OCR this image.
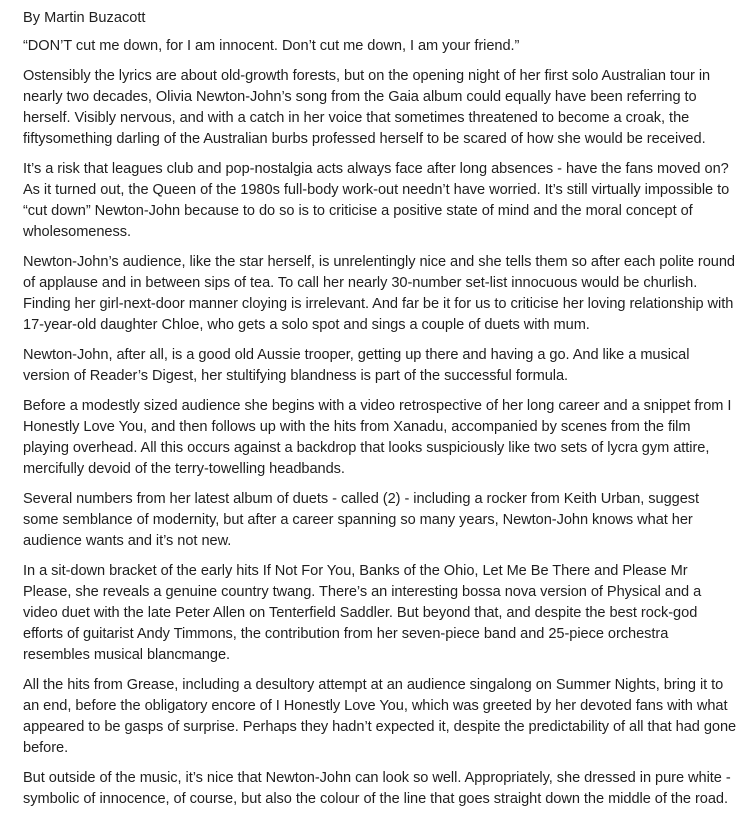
By Martin Buzacott

“DON’T cut me down, for I am innocent. Don’t cut me down, I am your friend.”

Ostensibly the lyrics are about old-growth forests, but on the opening night of her first solo Australian tour in nearly two decades, Olivia Newton-John’s song from the Gaia album could equally have been referring to herself. Visibly nervous, and with a catch in her voice that sometimes threatened to become a croak, the fiftysomething darling of the Australian burbs professed herself to be scared of how she would be received.

It’s a risk that leagues club and pop-nostalgia acts always face after long absences - have the fans moved on? As it turned out, the Queen of the 1980s full-body work-out needn’t have worried. It’s still virtually impossible to “cut down” Newton-John because to do so is to criticise a positive state of mind and the moral concept of wholesomeness.

Newton-John’s audience, like the star herself, is unrelentingly nice and she tells them so after each polite round of applause and in between sips of tea. To call her nearly 30-number set-list innocuous would be churlish. Finding her girl-next-door manner cloying is irrelevant. And far be it for us to criticise her loving relationship with 17-year-old daughter Chloe, who gets a solo spot and sings a couple of duets with mum.

Newton-John, after all, is a good old Aussie trooper, getting up there and having a go. And like a musical version of Reader’s Digest, her stultifying blandness is part of the successful formula.

Before a modestly sized audience she begins with a video retrospective of her long career and a snippet from I Honestly Love You, and then follows up with the hits from Xanadu, accompanied by scenes from the film playing overhead. All this occurs against a backdrop that looks suspiciously like two sets of lycra gym attire, mercifully devoid of the terry-towelling headbands.

Several numbers from her latest album of duets - called (2) - including a rocker from Keith Urban, suggest some semblance of modernity, but after a career spanning so many years, Newton-John knows what her audience wants and it’s not new.

In a sit-down bracket of the early hits If Not For You, Banks of the Ohio, Let Me Be There and Please Mr Please, she reveals a genuine country twang. There’s an interesting bossa nova version of Physical and a video duet with the late Peter Allen on Tenterfield Saddler. But beyond that, and despite the best rock-god efforts of guitarist Andy Timmons, the contribution from her seven-piece band and 25-piece orchestra resembles musical blancmange.

All the hits from Grease, including a desultory attempt at an audience singalong on Summer Nights, bring it to an end, before the obligatory encore of I Honestly Love You, which was greeted by her devoted fans with what appeared to be gasps of surprise. Perhaps they hadn’t expected it, despite the predictability of all that had gone before.

But outside of the music, it’s nice that Newton-John can look so well. Appropriately, she dressed in pure white - symbolic of innocence, of course, but also the colour of the line that goes straight down the middle of the road.
